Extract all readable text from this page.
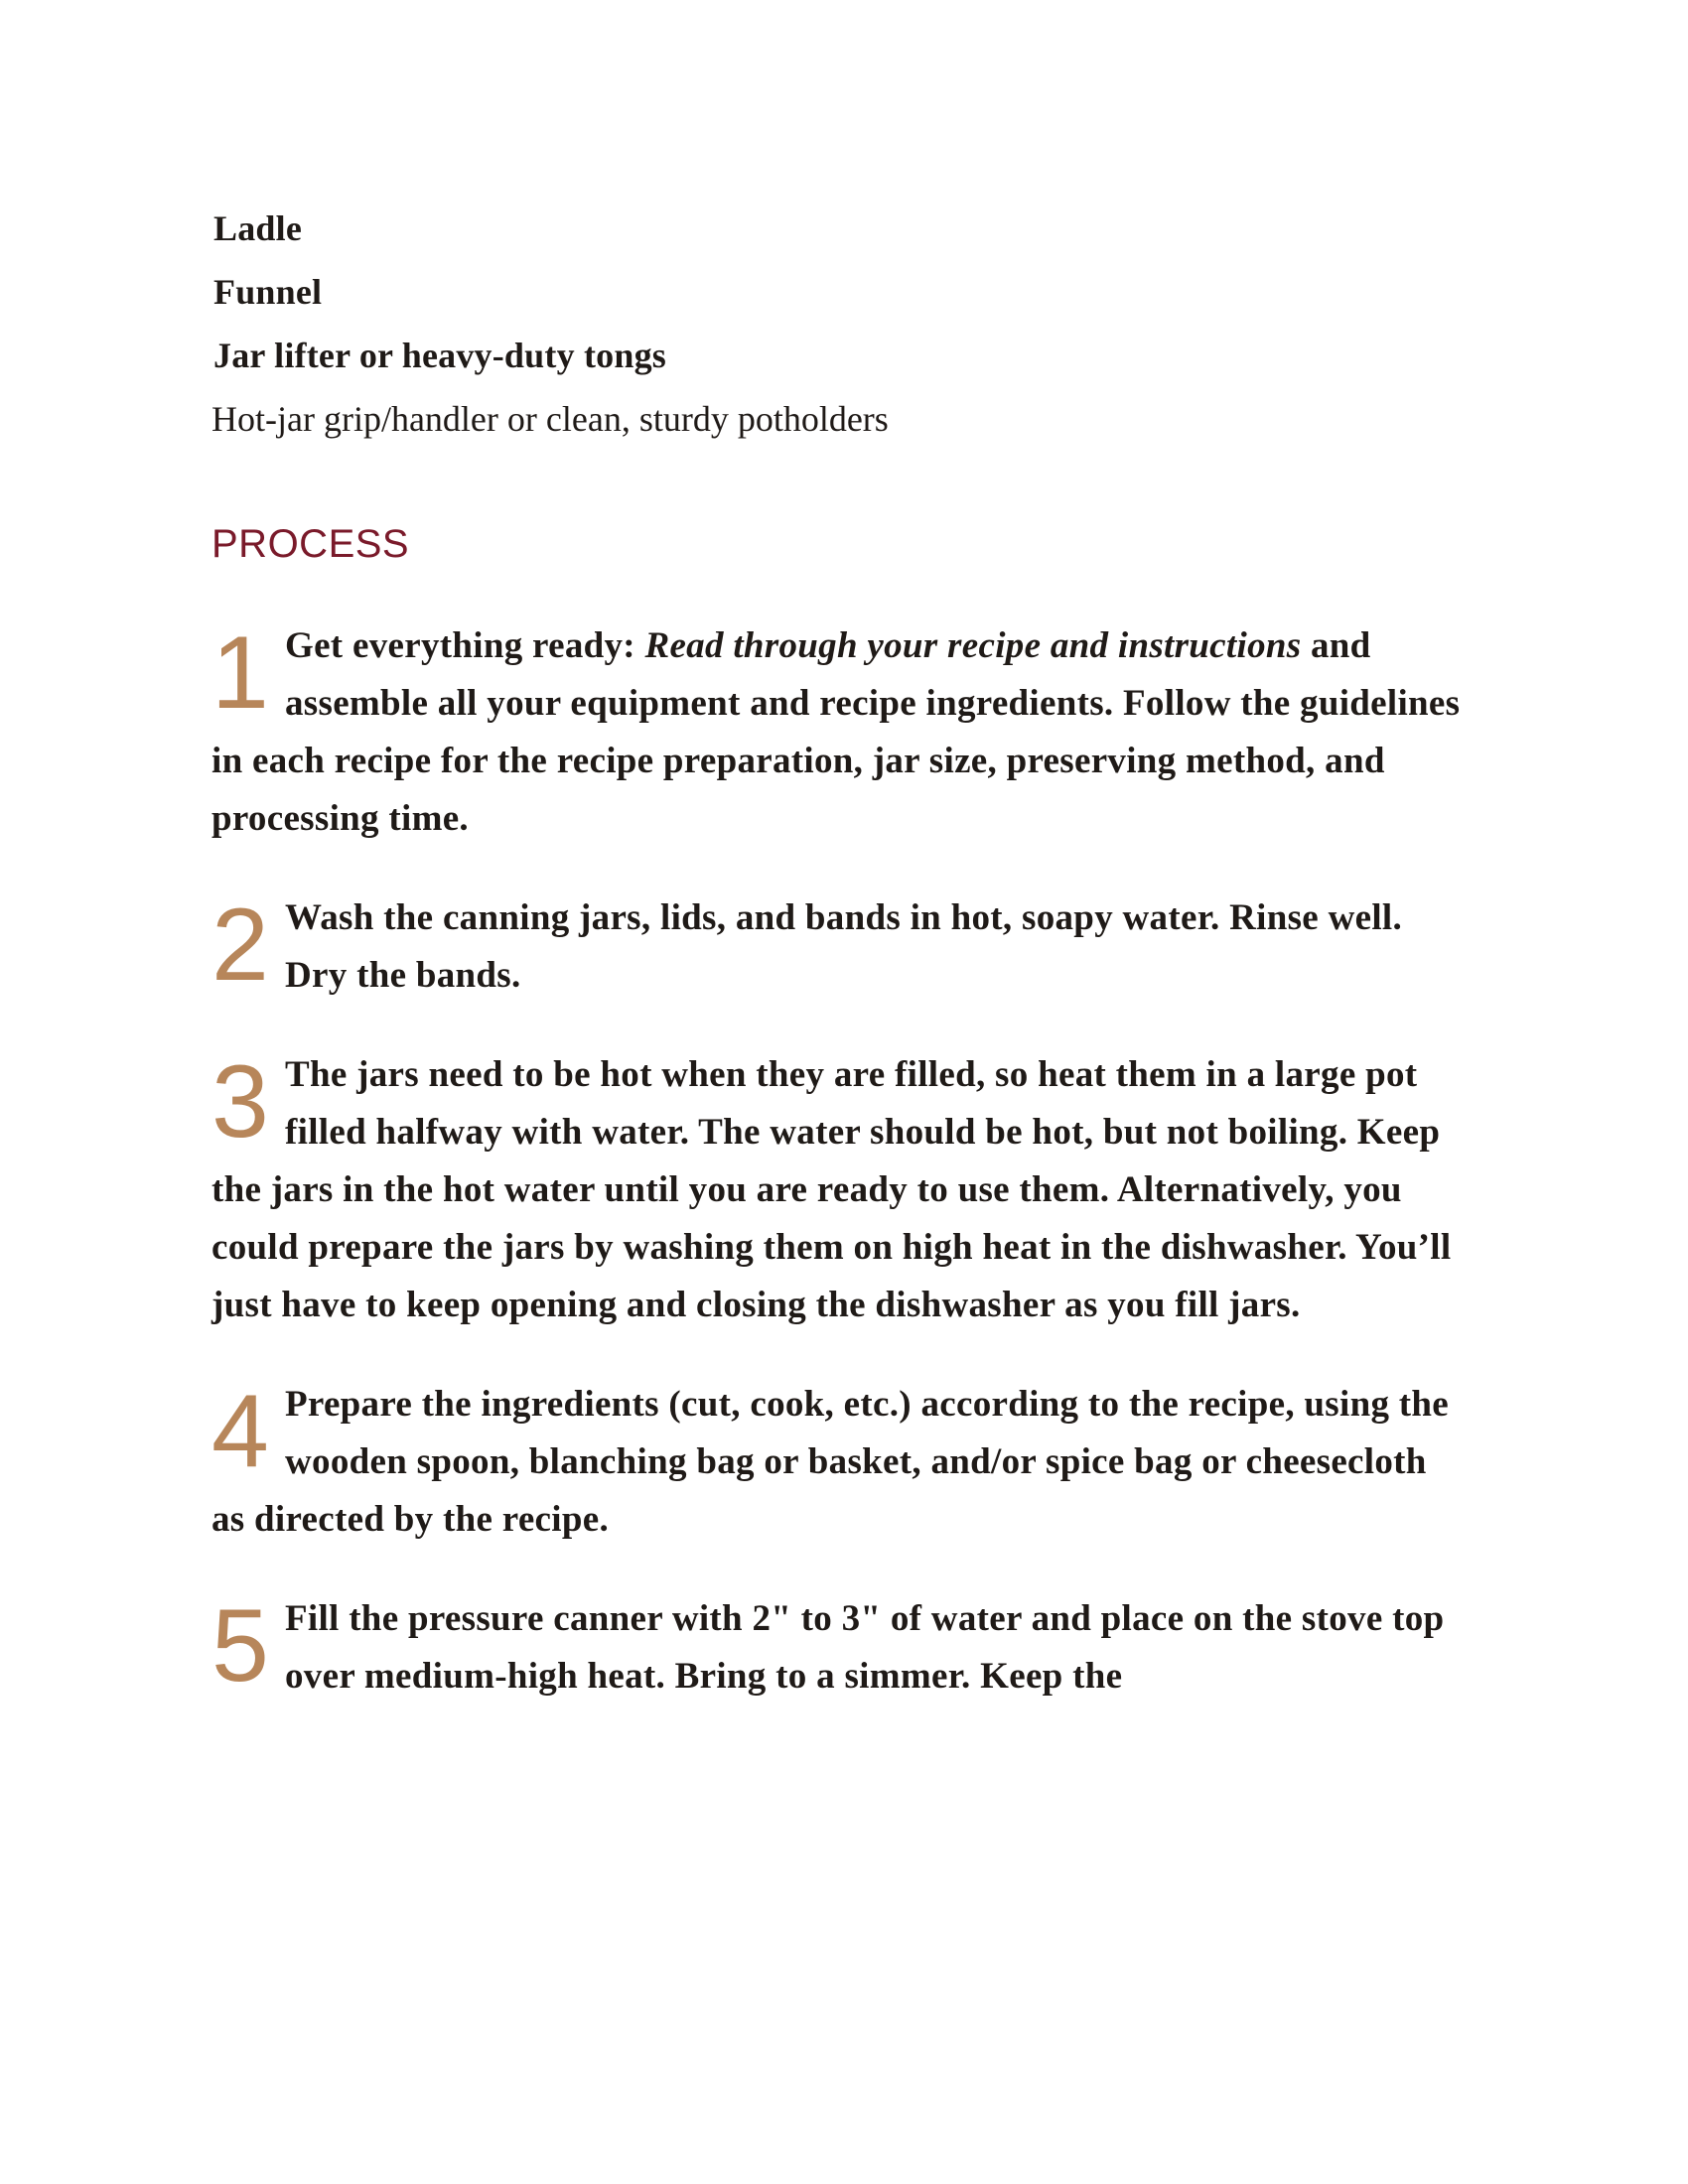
Ladle
Funnel
Jar lifter or heavy-duty tongs
Hot-jar grip/handler or clean, sturdy potholders
PROCESS
1 Get everything ready: Read through your recipe and instructions and assemble all your equipment and recipe ingredients. Follow the guidelines in each recipe for the recipe preparation, jar size, preserving method, and processing time.
2 Wash the canning jars, lids, and bands in hot, soapy water. Rinse well. Dry the bands.
3 The jars need to be hot when they are filled, so heat them in a large pot filled halfway with water. The water should be hot, but not boiling. Keep the jars in the hot water until you are ready to use them. Alternatively, you could prepare the jars by washing them on high heat in the dishwasher. You’ll just have to keep opening and closing the dishwasher as you fill jars.
4 Prepare the ingredients (cut, cook, etc.) according to the recipe, using the wooden spoon, blanching bag or basket, and/or spice bag or cheesecloth as directed by the recipe.
5 Fill the pressure canner with 2" to 3" of water and place on the stove top over medium-high heat. Bring to a simmer. Keep the
